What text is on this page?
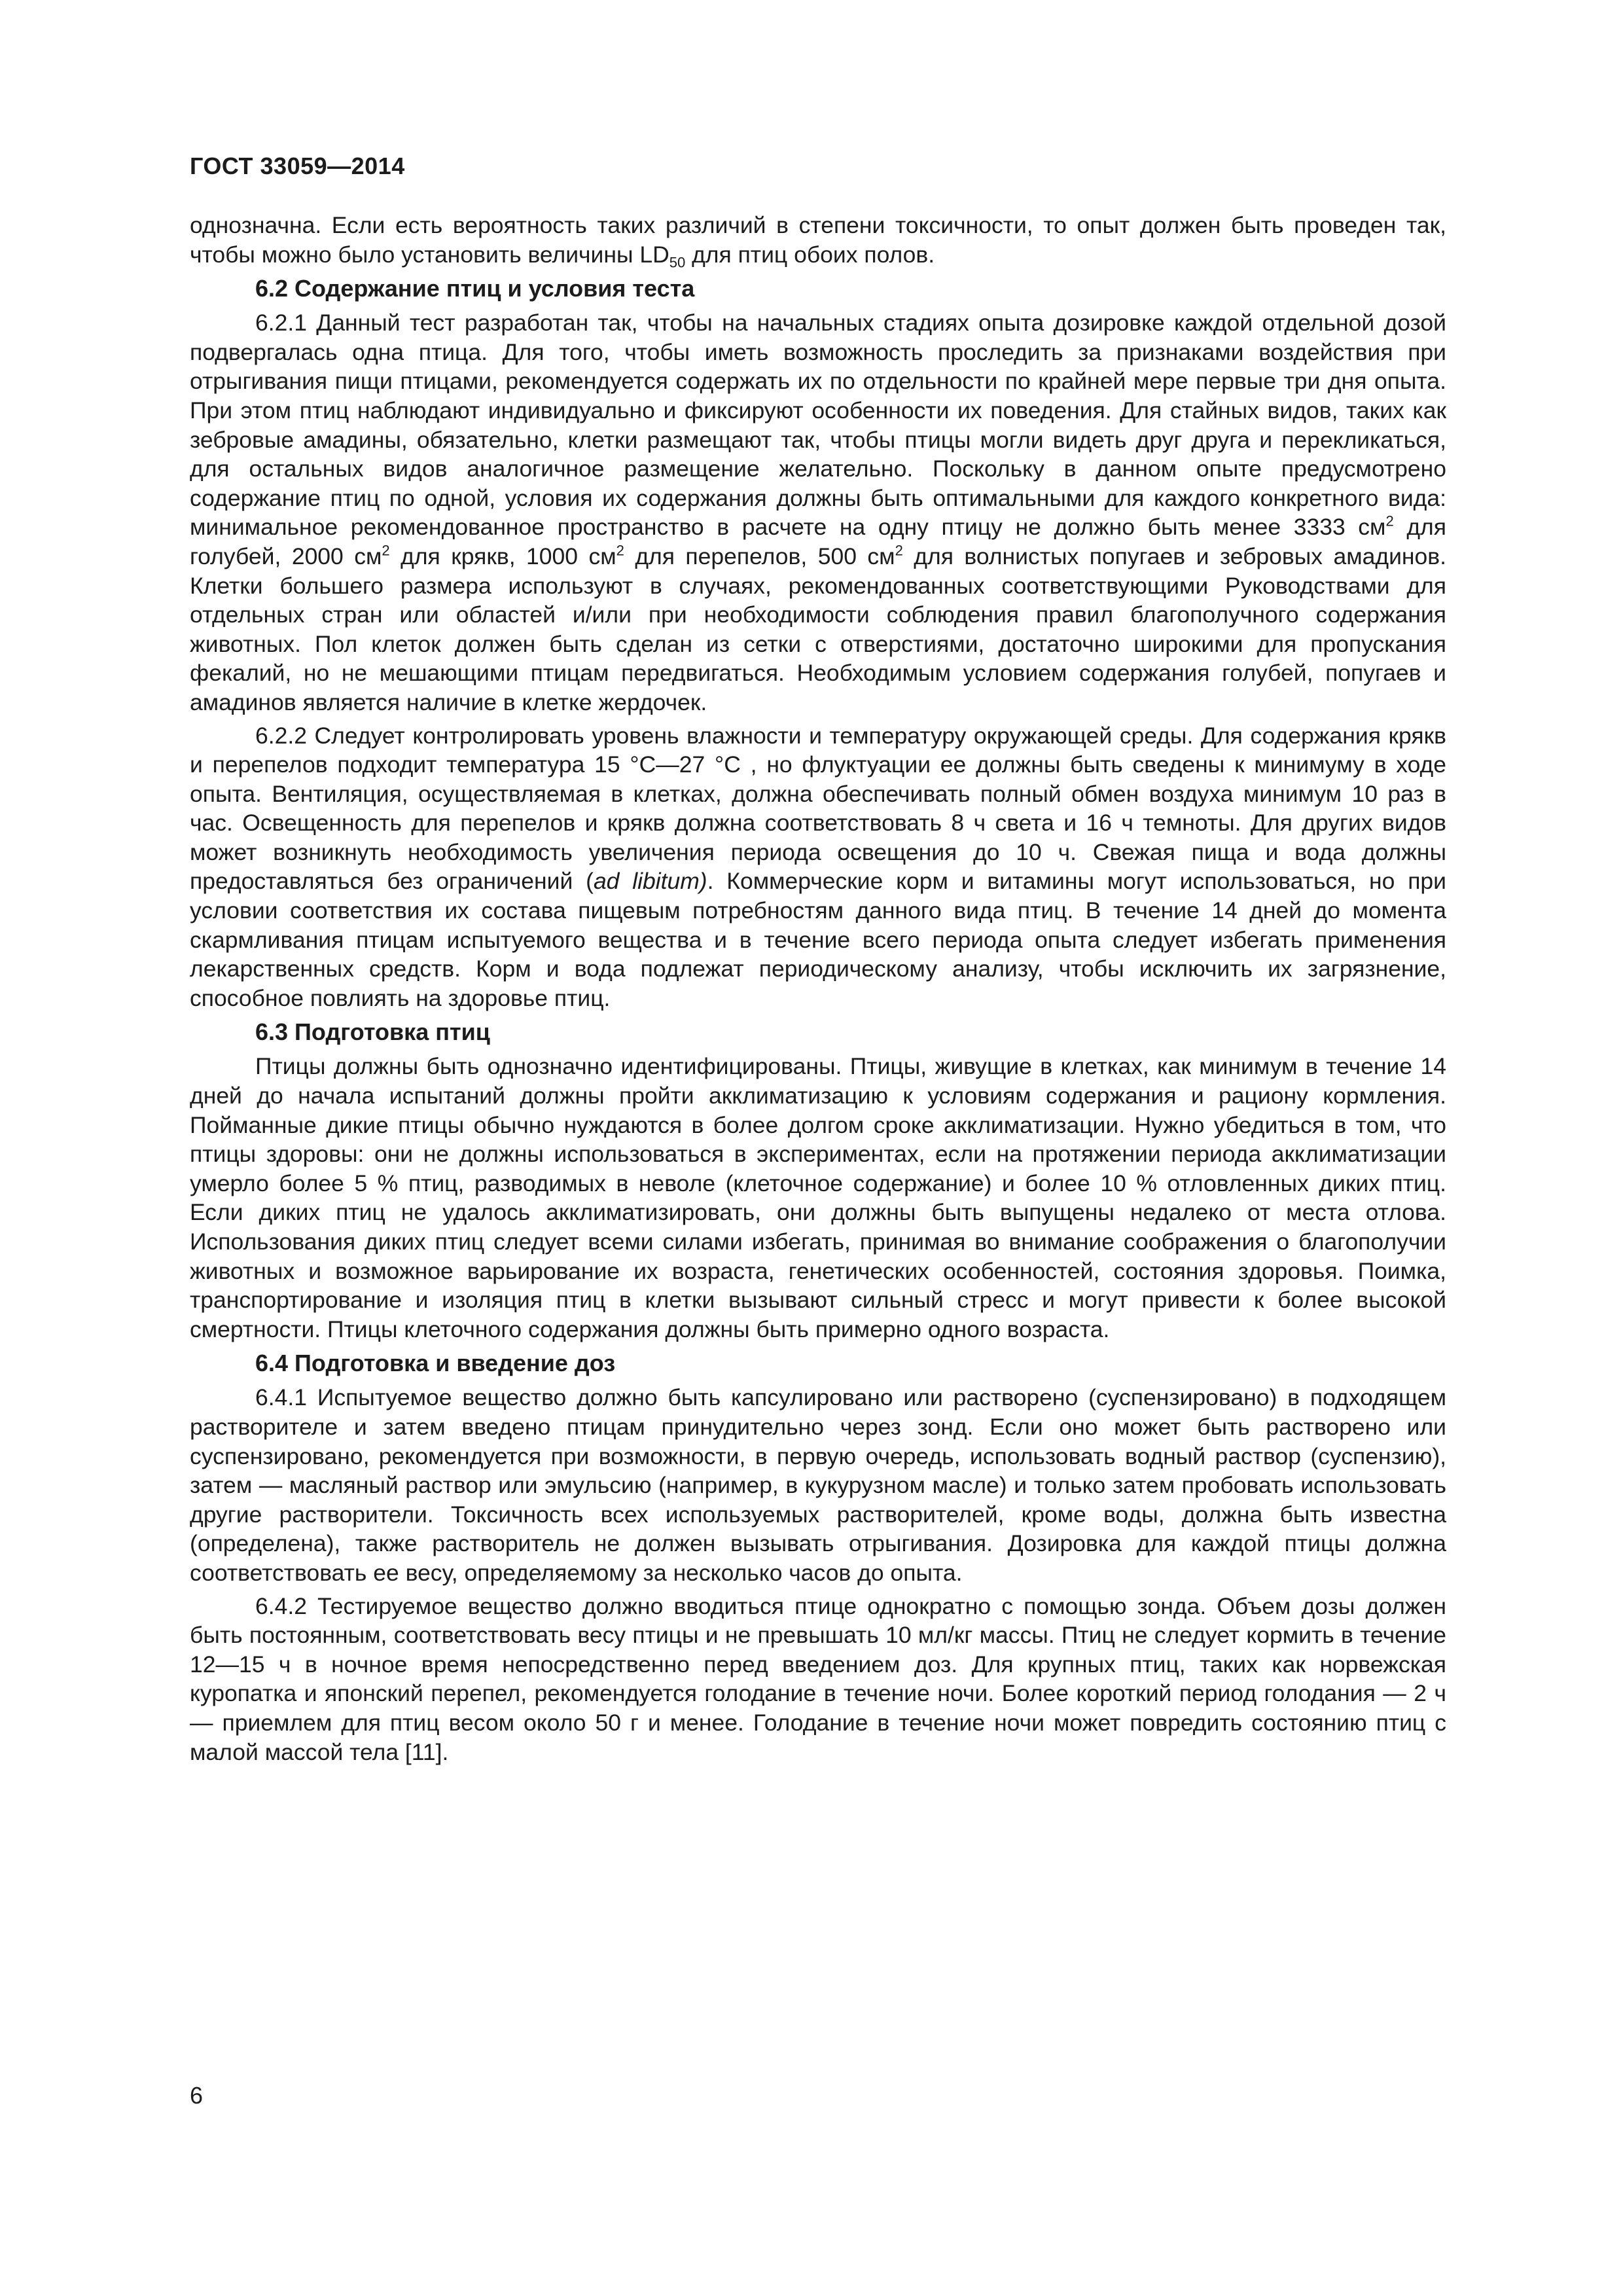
ГОСТ 33059—2014

однозначна. Если есть вероятность таких различий в степени токсичности, то опыт должен быть проведен так, чтобы можно было установить величины $LD_{50}$ для птиц обоих полов.

6.2 Содержание птиц и условия теста

6.2.1 Данный тест разработан так, чтобы на начальных стадиях опыта дозировке каждой отдельной дозой подвергалась одна птица. Для того, чтобы иметь возможность проследить за признаками воздействия при отрыгивания пищи птицами, рекомендуется содержать их по отдельности по крайней мере первые три дня опыта. При этом птиц наблюдают индивидуально и фиксируют особенности их поведения. Для стайных видов, таких как зебровые амадины, обязательно, клетки размещают так, чтобы птицы могли видеть друг друга и перекликаться, для остальных видов аналогичное размещение желательно. Поскольку в данном опыте предусмотрено содержание птиц по одной, условия их содержания должны быть оптимальными для каждого конкретного вида: минимальное рекомендованное пространство в расчете на одну птицу не должно быть менее 3333 $см^2$ для голубей, 2000 $см^2$ для крякв, 1000 $см^2$ для перепелов, 500 $см^2$ для волнистых попугаев и зебровых амадинов. Клетки большего размера используют в случаях, рекомендованных соответствующими Руководствами для отдельных стран или областей и/или при необходимости соблюдения правил благополучного содержания животных. Пол клеток должен быть сделан из сетки с отверстиями, достаточно широкими для пропускания фекалий, но не мешающими птицам передвигаться. Необходимым условием содержания голубей, попугаев и амадинов является наличие в клетке жердочек.

6.2.2 Следует контролировать уровень влажности и температуру окружающей среды. Для содержания крякв и перепелов подходит температура 15 °С—27 °С , но флуктуации ее должны быть сведены к минимуму в ходе опыта. Вентиляция, осуществляемая в клетках, должна обеспечивать полный обмен воздуха минимум 10 раз в час. Освещенность для перепелов и крякв должна соответствовать 8 ч света и 16 ч темноты. Для других видов может возникнуть необходимость увеличения периода освещения до 10 ч. Свежая пища и вода должны предоставляться без ограничений (ad libitum). Коммерческие корм и витамины могут использоваться, но при условии соответствия их состава пищевым потребностям данного вида птиц. В течение 14 дней до момента скармливания птицам испытуемого вещества и в течение всего периода опыта следует избегать применения лекарственных средств. Корм и вода подлежат периодическому анализу, чтобы исключить их загрязнение, способное повлиять на здоровье птиц.

6.3 Подготовка птиц

Птицы должны быть однозначно идентифицированы. Птицы, живущие в клетках, как минимум в течение 14 дней до начала испытаний должны пройти акклиматизацию к условиям содержания и рациону кормления. Пойманные дикие птицы обычно нуждаются в более долгом сроке акклиматизации. Нужно убедиться в том, что птицы здоровы: они не должны использоваться в экспериментах, если на протяжении периода акклиматизации умерло более 5 % птиц, разводимых в неволе (клеточное содержание) и более 10 % отловленных диких птиц. Если диких птиц не удалось акклиматизировать, они должны быть выпущены недалеко от места отлова. Использования диких птиц следует всеми силами избегать, принимая во внимание соображения о благополучии животных и возможное варьирование их возраста, генетических особенностей, состояния здоровья. Поимка, транспортирование и изоляция птиц в клетки вызывают сильный стресс и могут привести к более высокой смертности. Птицы клеточного содержания должны быть примерно одного возраста.

6.4 Подготовка и введение доз

6.4.1 Испытуемое вещество должно быть капсулировано или растворено (суспензировано) в подходящем растворителе и затем введено птицам принудительно через зонд. Если оно может быть растворено или суспензировано, рекомендуется при возможности, в первую очередь, использовать водный раствор (суспензию), затем — масляный раствор или эмульсию (например, в кукурузном масле) и только затем пробовать использовать другие растворители. Токсичность всех используемых растворителей, кроме воды, должна быть известна (определена), также растворитель не должен вызывать отрыгивания. Дозировка для каждой птицы должна соответствовать ее весу, определяемому за несколько часов до опыта.

6.4.2 Тестируемое вещество должно вводиться птице однократно с помощью зонда. Объем дозы должен быть постоянным, соответствовать весу птицы и не превышать 10 мл/кг массы. Птиц не следует кормить в течение 12—15 ч в ночное время непосредственно перед введением доз. Для крупных птиц, таких как норвежская куропатка и японский перепел, рекомендуется голодание в течение ночи. Более короткий период голодания — 2 ч — приемлем для птиц весом около 50 г и менее. Голодание в течение ночи может повредить состоянию птиц с малой массой тела [11].

6
